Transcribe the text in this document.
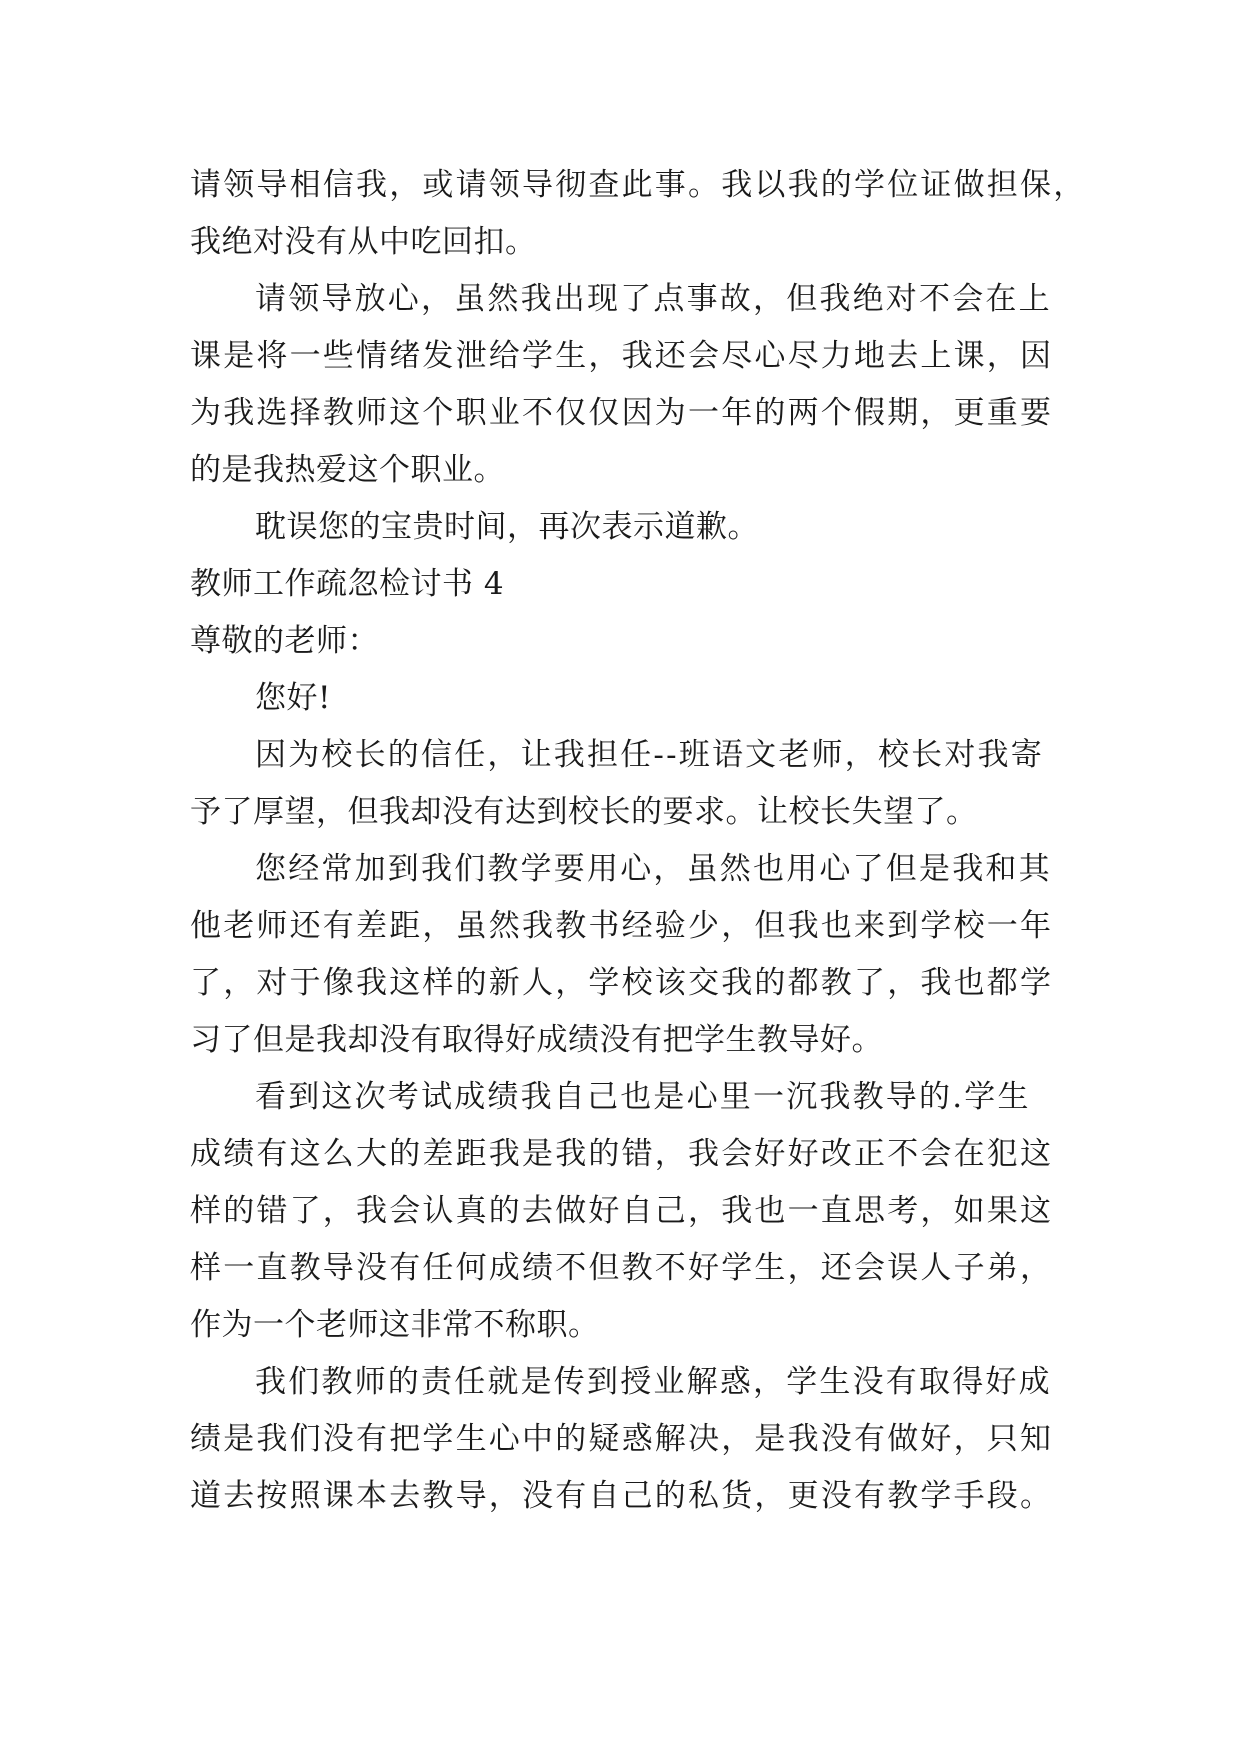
请领导相信我，或请领导彻查此事。我以我的学位证做担保，
我绝对没有从中吃回扣。
请领导放心，虽然我出现了点事故，但我绝对不会在上
课是将一些情绪发泄给学生，我还会尽心尽力地去上课，因
为我选择教师这个职业不仅仅因为一年的两个假期，更重要
的是我热爱这个职业。
耽误您的宝贵时间，再次表示道歉。
教师工作疏忽检讨书 4
尊敬的老师：
您好!
因为校长的信任，让我担任--班语文老师，校长对我寄
予了厚望，但我却没有达到校长的要求。让校长失望了。
您经常加到我们教学要用心，虽然也用心了但是我和其
他老师还有差距，虽然我教书经验少，但我也来到学校一年
了，对于像我这样的新人，学校该交我的都教了，我也都学
习了但是我却没有取得好成绩没有把学生教导好。
看到这次考试成绩我自己也是心里一沉我教导的.学生
成绩有这么大的差距我是我的错，我会好好改正不会在犯这
样的错了，我会认真的去做好自己，我也一直思考，如果这
样一直教导没有任何成绩不但教不好学生，还会误人子弟，
作为一个老师这非常不称职。
我们教师的责任就是传到授业解惑，学生没有取得好成
绩是我们没有把学生心中的疑惑解决，是我没有做好，只知
道去按照课本去教导，没有自己的私货，更没有教学手段。
